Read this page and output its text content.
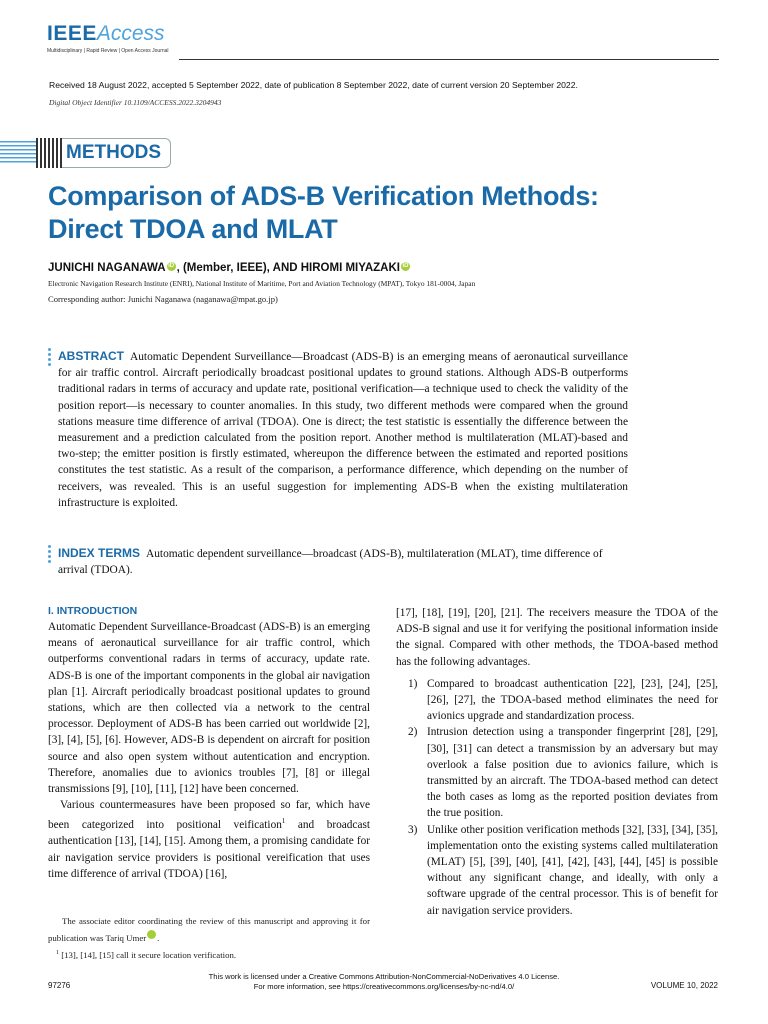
IEEEAccess
Multidisciplinary | Rapid Review | Open Access Journal
Received 18 August 2022, accepted 5 September 2022, date of publication 8 September 2022, date of current version 20 September 2022.
Digital Object Identifier 10.1109/ACCESS.2022.3204943
METHODS
Comparison of ADS-B Verification Methods:
Direct TDOA and MLAT
JUNICHI NAGANAWA iD , (Member, IEEE), AND HIROMI MIYAZAKI iD
Electronic Navigation Research Institute (ENRI), National Institute of Maritime, Port and Aviation Technology (MPAT), Tokyo 181-0004, Japan
Corresponding author: Junichi Naganawa (naganawa@mpat.go.jp)
ABSTRACT Automatic Dependent Surveillance—Broadcast (ADS-B) is an emerging means of aeronautical surveillance for air traffic control. Aircraft periodically broadcast positional updates to ground stations. Although ADS-B outperforms traditional radars in terms of accuracy and update rate, positional verification—a technique used to check the validity of the position report—is necessary to counter anomalies. In this study, two different methods were compared when the ground stations measure time difference of arrival (TDOA). One is direct; the test statistic is essentially the difference between the measurement and a prediction calculated from the position report. Another method is multilateration (MLAT)-based and two-step; the emitter position is firstly estimated, whereupon the difference between the estimated and reported positions constitutes the test statistic. As a result of the comparison, a performance difference, which depending on the number of receivers, was revealed. This is an useful suggestion for implementing ADS-B when the existing multilateration infrastructure is exploited.
INDEX TERMS Automatic dependent surveillance—broadcast (ADS-B), multilateration (MLAT), time difference of arrival (TDOA).
I. INTRODUCTION

Automatic Dependent Surveillance-Broadcast (ADS-B) is an emerging means of aeronautical surveillance for air traffic control, which outperforms conventional radars in terms of accuracy, update rate. ADS-B is one of the important components in the global air navigation plan [1]. Aircraft periodically broadcast positional updates to ground stations, which are then collected via a network to the central processor. Deployment of ADS-B has been carried out worldwide [2], [3], [4], [5], [6]. However, ADS-B is dependent on aircraft for position source and also open system without autentication and encryption. Therefore, anomalies due to avionics troubles [7], [8] or illegal transmissions [9], [10], [11], [12] have been concerned.

Various countermeasures have been proposed so far, which have been categorized into positional veification$^1$ and broadcast authentication [13], [14], [15]. Among them, a promising candidate for air navigation service providers is positional vereification that uses time difference of arrival (TDOA) [16],

The associate editor coordinating the review of this manuscript and approving it for publication was Tariq Umer	iD.
$^1$ [13], [14], [15] call it secure location verification.

[17], [18], [19], [20], [21]. The receivers measure the TDOA of the ADS-B signal and use it for verifying the positional information inside the signal. Compared with other methods, the TDOA-based method has the following advantages.

1) Compared to broadcast authentication [22], [23], [24], [25], [26], [27], the TDOA-based method eliminates the need for avionics upgrade and standardization process.
2) Intrusion detection using a transponder fingerprint [28], [29], [30], [31] can detect a transmission by an adversary but may overlook a false position due to avionics failure, which is transmitted by an aircraft. The TDOA-based method can detect the both cases as lomg as the reported position deviates from the true position.
3) Unlike other position verification methods [32], [33], [34], [35], implementation onto the existing systems called multilateration (MLAT) [5], [39], [40], [41], [42], [43], [44], [45] is possible without any significant change, and ideally, with only a software upgrade of the central processor. This is of benefit for air navigation service providers.
This work is licensed under a Creative Commons Attribution-NonCommercial-NoDerivatives 4.0 License.
For more information, see https://creativecommons.org/licenses/by-nc-nd/4.0/
97276	VOLUME 10, 2022
